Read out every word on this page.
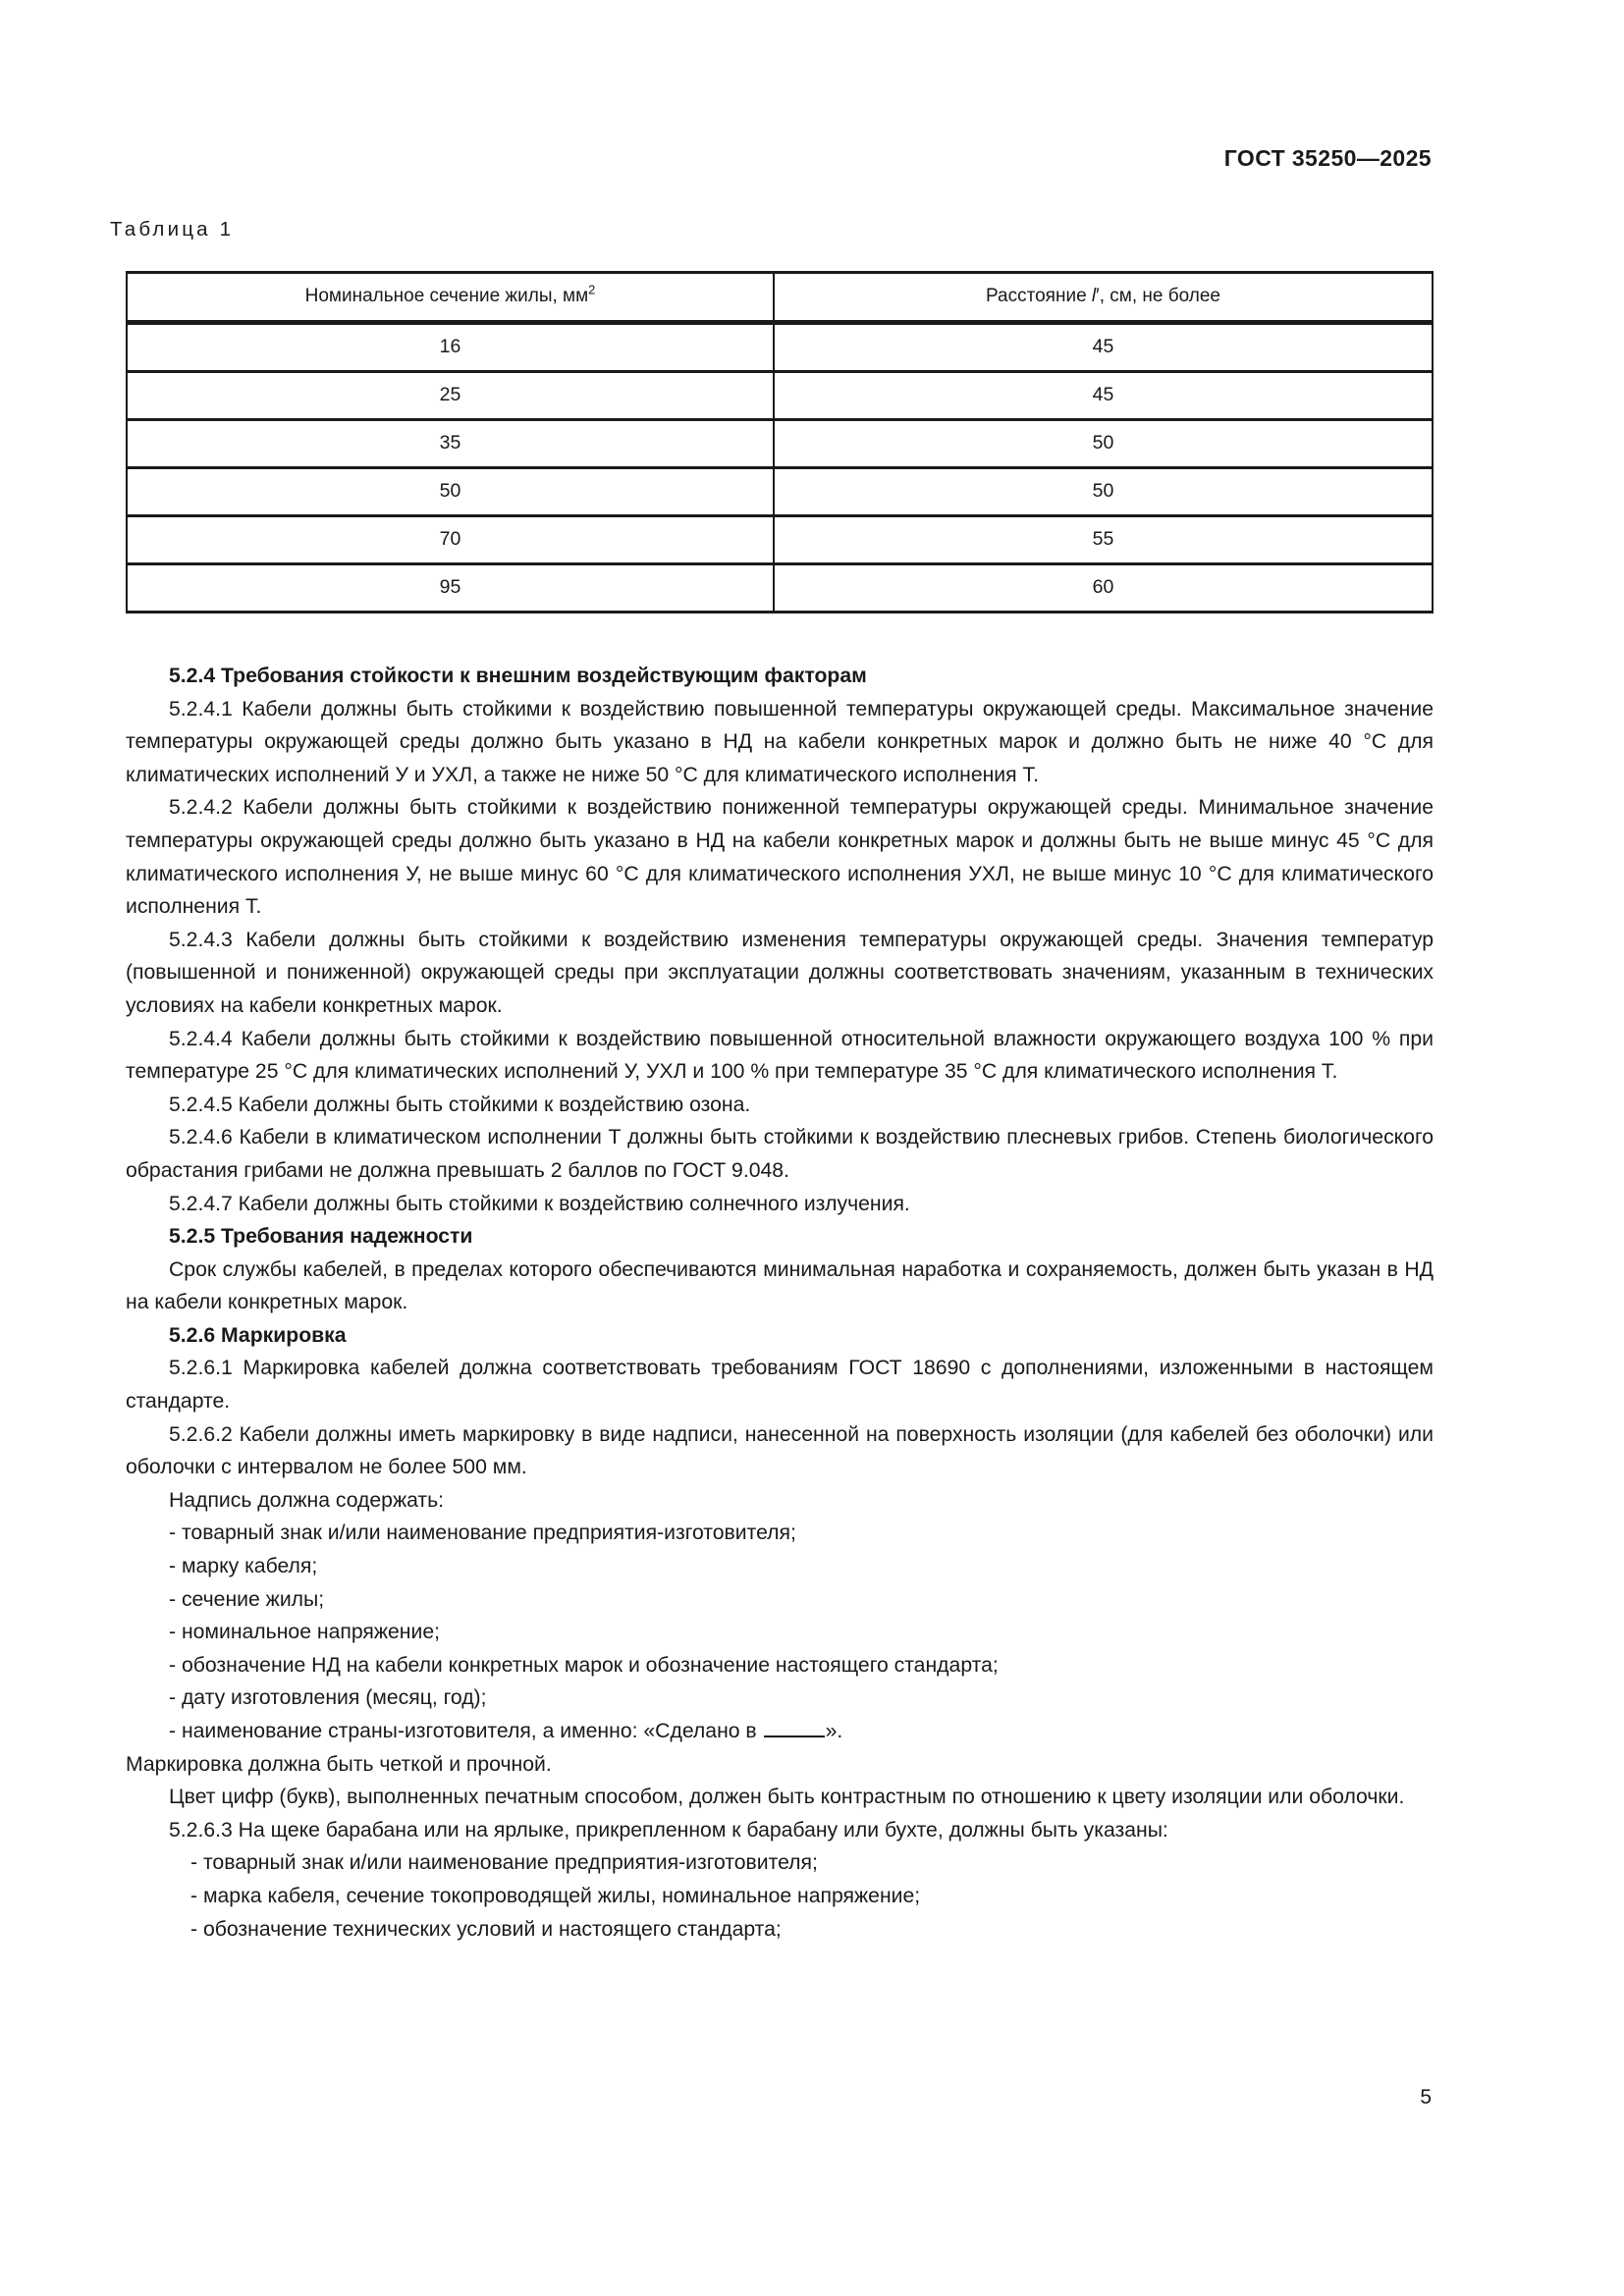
ГОСТ 35250—2025
Таблица 1
Номинальное сечение жилы, $мм^2$	Расстояние l′, см, не более

16	45
25	45
35	50
50	50
70	55
95	60

5.2.4 Требования стойкости к внешним воздействующим факторам

5.2.4.1 Кабели должны быть стойкими к воздействию повышенной температуры окружающей среды. Максимальное значение температуры окружающей среды должно быть указано в НД на кабели конкретных марок и должно быть не ниже 40 °С для климатических исполнений У и УХЛ, а также не ниже 50 °С для климатического исполнения Т.

5.2.4.2 Кабели должны быть стойкими к воздействию пониженной температуры окружающей среды. Минимальное значение температуры окружающей среды должно быть указано в НД на кабели конкретных марок и должны быть не выше минус 45 °С для климатического исполнения У, не выше минус 60 °С для климатического исполнения УХЛ, не выше минус 10 °С для климатического исполнения Т.

5.2.4.3 Кабели должны быть стойкими к воздействию изменения температуры окружающей среды. Значения температур (повышенной и пониженной) окружающей среды при эксплуатации должны соответствовать значениям, указанным в технических условиях на кабели конкретных марок.

5.2.4.4 Кабели должны быть стойкими к воздействию повышенной относительной влажности окружающего воздуха 100 % при температуре 25 °С для климатических исполнений У, УХЛ и 100 % при температуре 35 °С для климатического исполнения Т.

5.2.4.5 Кабели должны быть стойкими к воздействию озона.

5.2.4.6 Кабели в климатическом исполнении Т должны быть стойкими к воздействию плесневых грибов. Степень биологического обрастания грибами не должна превышать 2 баллов по ГОСТ 9.048.

5.2.4.7 Кабели должны быть стойкими к воздействию солнечного излучения.

5.2.5 Требования надежности

Срок службы кабелей, в пределах которого обеспечиваются минимальная наработка и сохраняемость, должен быть указан в НД на кабели конкретных марок.

5.2.6 Маркировка

5.2.6.1 Маркировка кабелей должна соответствовать требованиям ГОСТ 18690 с дополнениями, изложенными в настоящем стандарте.

5.2.6.2 Кабели должны иметь маркировку в виде надписи, нанесенной на поверхность изоляции (для кабелей без оболочки) или оболочки с интервалом не более 500 мм.

Надпись должна содержать:

- товарный знак и/или наименование предприятия-изготовителя;

- марку кабеля;

- сечение жилы;

- номинальное напряжение;

- обозначение НД на кабели конкретных марок и обозначение настоящего стандарта;

- дату изготовления (месяц, год);

- наименование страны-изготовителя, а именно: «Сделано в	».

Маркировка должна быть четкой и прочной.

Цвет цифр (букв), выполненных печатным способом, должен быть контрастным по отношению к цвету изоляции или оболочки.

5.2.6.3 На щеке барабана или на ярлыке, прикрепленном к барабану или бухте, должны быть указаны:

- товарный знак и/или наименование предприятия-изготовителя;

- марка кабеля, сечение токопроводящей жилы, номинальное напряжение;

- обозначение технических условий и настоящего стандарта;

5
